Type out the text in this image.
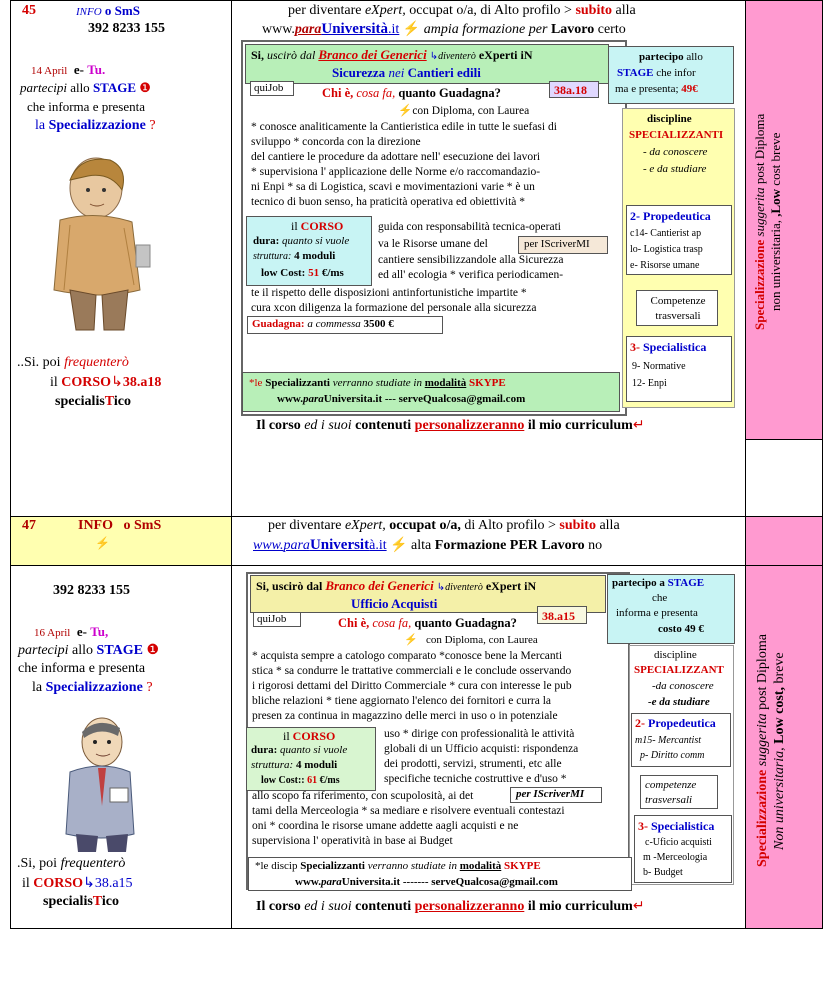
45	INFO o SmS
392 8233 155
14 April e- Tu.
partecipi allo STAGE ❶
che informa e presenta
la Specializzazione ?
..Si. poi frequenterò
il CORSO↳38.a18
specialisTico
per diventare eXpert, occupat o/a, di Alto profilo > subito alla
www.paraUniversità.it ⚡ ampia formazione per Lavoro certo
Si, uscirò dal Branco dei Generici ↳diventerò eXperti iN
Sicurezza nei Cantieri edili
quiJob	38a.18
Chi è, cosa fa, quanto Guadagna?
⚡con Diploma, con Laurea
* conosce analiticamente la Cantieristica edile in tutte le suefasi di
sviluppo * concorda con la direzione
del cantiere le procedure da adottare nell' esecuzione dei lavori
* supervisiona l' applicazione delle Norme e/o raccomandazio-
ni Enpi * sa di Logistica, scavi e movimentazioni varie * è un
tecnico di buon senso, ha praticità operativa ed obiettività *
il CORSO
dura: quanto si vuole
struttura: 4 moduli
low Cost: 51 €/ms
guida con responsabilità tecnica-operati
va le Risorse umane del
cantiere sensibilizzandole alla Sicurezza
ed all' ecologia * verifica periodicamen-
per IScriverMI
te il rispetto delle disposizioni antinfortunistiche impartite *
cura xcon diligenza la formazione del personale alla sicurezza
Guadagna: a commessa 3500 €
partecipo allo
STAGE che infor
ma e presenta; 49€
discipline
SPECIALIZZANTI
- da conoscere
- e da studiare
2- Propedeutica
c14- Cantierist ap
lo- Logistica trasp
e- Risorse umane
Competenze trasversali
3- Specialistica
9- Normative
12- Enpi
*le Specializzanti verranno studiate in modalità SKYPE
www.paraUniversita.it --- serveQualcosa@gmail.com
Il corso ed i suoi contenuti personalizzeranno il mio curriculum↵
Specializzazione suggerita post Diploma
non universitaria, ,Low cost breve
47	INFO o SmS
⚡
per diventare eXpert, occupat o/a, di Alto profilo > subito alla
www.paraUniversità.it ⚡ alta Formazione PER Lavoro no
392 8233 155
16 April e- Tu,
partecipi allo STAGE ❶
che informa e presenta
la Specializzazione ?
.Si, poi frequenterò
il CORSO↳38.a15
specialisTico
Si, uscirò dal Branco dei Generici ↳diventerò eXpert iN
Ufficio Acquisti
quiJob	38.a15
Chi è, cosa fa, quanto Guadagna?
⚡ con Diploma, con Laurea
* acquista sempre a catologo comparato *conosce bene la Mercanti
stica * sa condurre le trattative commerciali e le conclude osservando
i rigorosi dettami del Diritto Commerciale * cura con interesse le pub
bliche relazioni * tiene aggiornato l'elenco dei fornitori e curra la
presen za continua in magazzino delle merci in uso o in potenziale
il CORSO
dura: quanto si vuole
struttura: 4 moduli
low Cost:: 61 €/ms
uso * dirige con professionalità le attività
globali di un Ufficio acquisti: rispondenza
dei prodotti, servizi, strumenti, etc alle
specifiche tecniche costruttive e d'uso *
allo scopo fa riferimento, con scupolosità, ai det
tami della Merceologia * sa mediare e risolvere eventuali contestazi
oni * coordina le risorse umane addette aagli acquisti e ne
supervisiona l' operatività in base ai Budget
per IScriverMI
partecipo a STAGE
che
informa e presenta
costo 49 €
discipline
SPECIALIZZANT
-da conoscere
-e da studiare
2- Propedeutica
m15- Mercantist
p- Diritto comm
competenze trasversali
3- Specialistica
c-Uficio acquisti
m -Merceologia
b- Budget
*le discip Specializzanti verranno studiate in modalità SKYPE
www.paraUniversita.it ------- serveQualcosa@gmail.com
Il corso ed i suoi contenuti personalizzeranno il mio curriculum↵
Specializzazione suggerita post Diploma
Non universitaria, Low cost, breve
